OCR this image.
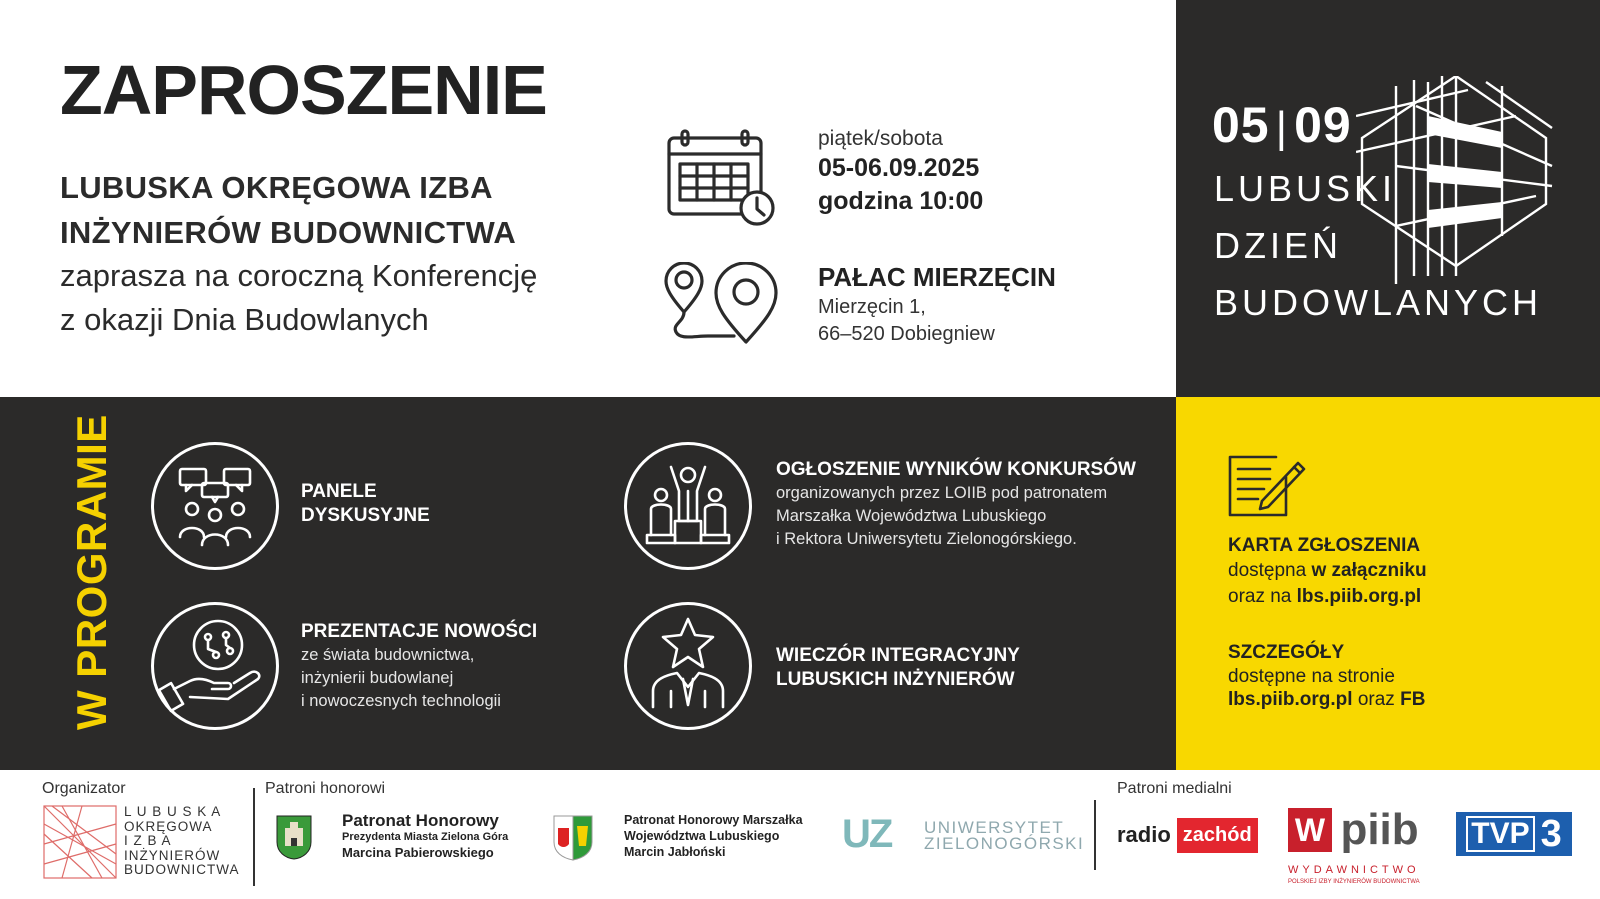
ZAPROSZENIE
LUBUSKA OKRĘGOWA IZBA
INŻYNIERÓW BUDOWNICTWA
zaprasza na coroczną Konferencję
z okazji Dnia Budowlanych
piątek/sobota
05-06.09.2025
godzina 10:00
PAŁAC MIERZĘCIN
Mierzęcin 1,
66–520 Dobiegniew
05 | 09
LUBUSKI
DZIEŃ
BUDOWLANYCH
W PROGRAMIE	PANELE
DYSKUSYJNE
PREZENTACJE NOWOŚCI
ze świata budownictwa,
inżynierii budowlanej
i nowoczesnych technologii
OGŁOSZENIE WYNIKÓW KONKURSÓW
organizowanych przez LOIIB pod patronatem
Marszałka Województwa Lubuskiego
i Rektora Uniwersytetu Zielonogórskiego.
WIECZÓR INTEGRACYJNY
LUBUSKICH INŻYNIERÓW
KARTA ZGŁOSZENIA
dostępna w załączniku
oraz na lbs.piib.org.pl
SZCZEGÓŁY
dostępne na stronie
lbs.piib.org.pl oraz FB
Organizator	Patroni honorowi	Patroni medialni
L U B U S K A
OKRĘGOWA
I Z B A
INŻYNIERÓW
BUDOWNICTWA
Patronat Honorowy
Prezydenta Miasta Zielona Góra
Marcina Pabierowskiego
Patronat Honorowy Marszałka
Województwa Lubuskiego
Marcin Jabłoński	UZ UNIWERSYTET
ZIELONOGÓRSKI radio zachód W piib
WYDAWNICTWO
POLSKIEJ IZBY INŻYNIERÓW BUDOWNICTWA
TVP 3
